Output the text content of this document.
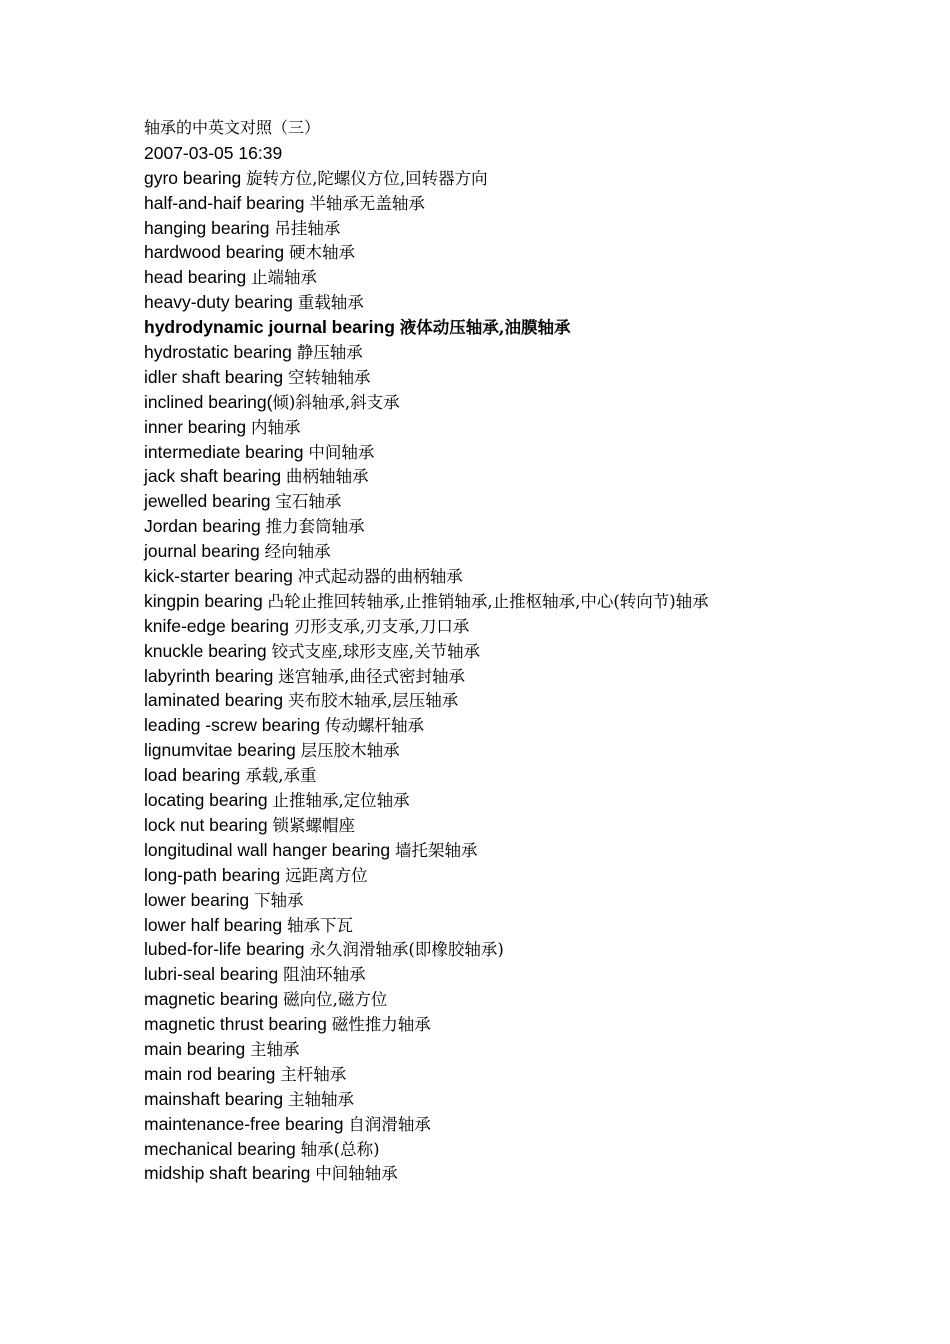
轴承的中英文对照（三）
2007-03-05 16:39
gyro bearing 旋转方位,陀螺仪方位,回转器方向
half-and-haif bearing 半轴承无盖轴承
hanging bearing 吊挂轴承
hardwood bearing 硬木轴承
head bearing 止端轴承
heavy-duty bearing 重载轴承
hydrodynamic journal bearing 液体动压轴承,油膜轴承
hydrostatic bearing 静压轴承
idler shaft bearing 空转轴轴承
inclined bearing(倾)斜轴承,斜支承
inner bearing 内轴承
intermediate bearing 中间轴承
jack shaft bearing 曲柄轴轴承
jewelled bearing 宝石轴承
Jordan bearing 推力套筒轴承
journal bearing 经向轴承
kick-starter bearing 冲式起动器的曲柄轴承
kingpin bearing 凸轮止推回转轴承,止推销轴承,止推枢轴承,中心(转向节)轴承
knife-edge bearing 刃形支承,刃支承,刀口承
knuckle bearing 铰式支座,球形支座,关节轴承
labyrinth bearing 迷宫轴承,曲径式密封轴承
laminated bearing 夹布胶木轴承,层压轴承
leading -screw bearing 传动螺杆轴承
lignumvitae bearing 层压胶木轴承
load bearing 承载,承重
locating bearing 止推轴承,定位轴承
lock nut bearing 锁紧螺帽座
longitudinal wall hanger bearing 墙托架轴承
long-path bearing 远距离方位
lower bearing 下轴承
lower half bearing 轴承下瓦
lubed-for-life bearing 永久润滑轴承(即橡胶轴承)
lubri-seal bearing 阻油环轴承
magnetic bearing 磁向位,磁方位
magnetic thrust bearing 磁性推力轴承
main bearing 主轴承
main rod bearing 主杆轴承
mainshaft bearing 主轴轴承
maintenance-free bearing 自润滑轴承
mechanical bearing 轴承(总称)
midship shaft bearing 中间轴轴承
